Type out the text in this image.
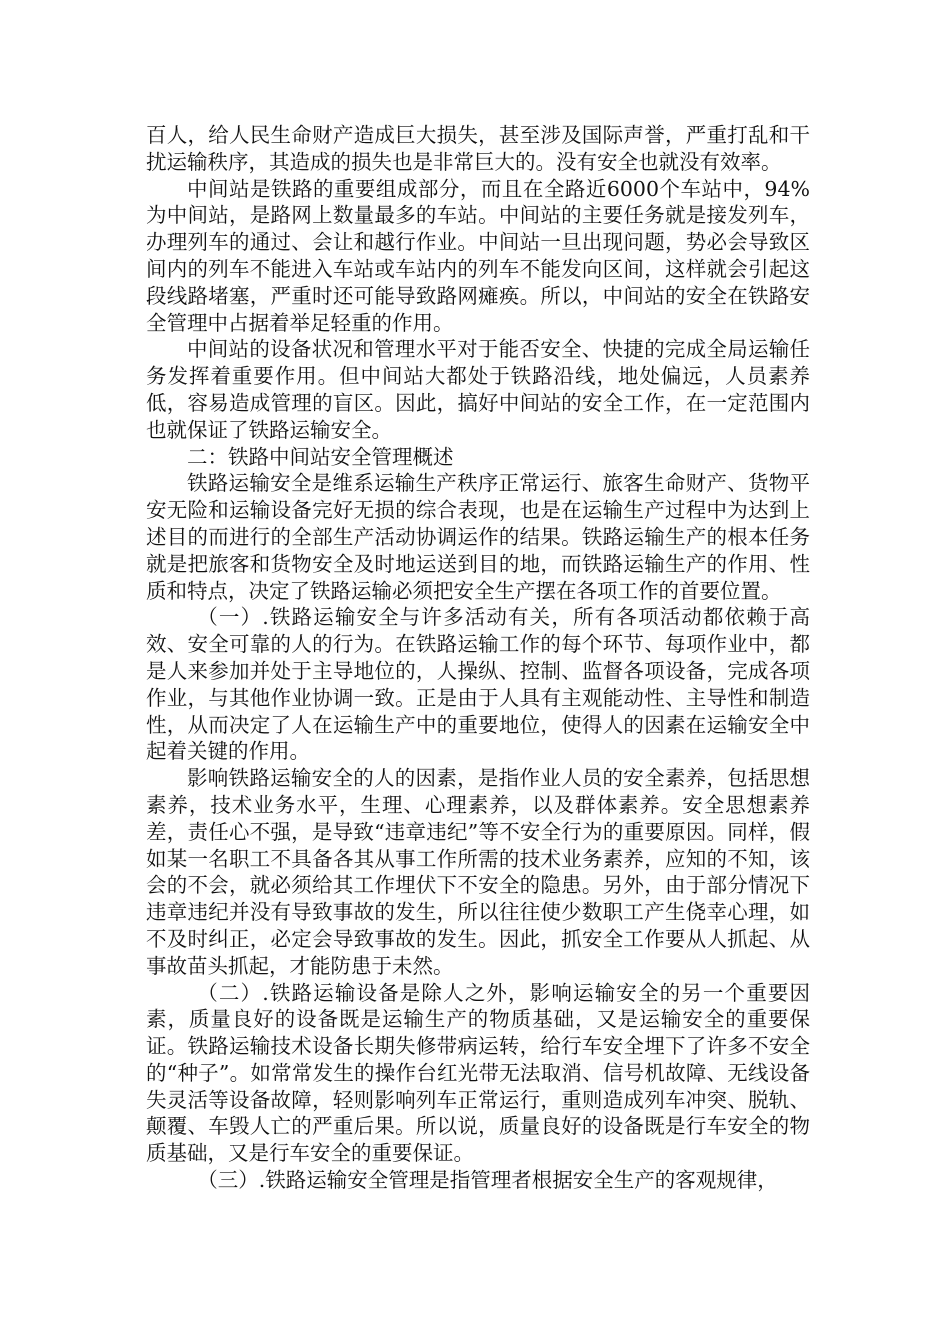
百人，给人民生命财产造成巨大损失，甚至涉及国际声誉，严重打乱和干扰运输秩序，其造成的损失也是非常巨大的。没有安全也就没有效率。

中间站是铁路的重要组成部分，而且在全路近6000个车站中，94%为中间站，是路网上数量最多的车站。中间站的主要任务就是接发列车，办理列车的通过、会让和越行作业。中间站一旦出现问题，势必会导致区间内的列车不能进入车站或车站内的列车不能发向区间，这样就会引起这段线路堵塞，严重时还可能导致路网瘫痪。所以，中间站的安全在铁路安全管理中占据着举足轻重的作用。

中间站的设备状况和管理水平对于能否安全、快捷的完成全局运输任务发挥着重要作用。但中间站大都处于铁路沿线，地处偏远，人员素养低，容易造成管理的盲区。因此，搞好中间站的安全工作，在一定范围内也就保证了铁路运输安全。

二：铁路中间站安全管理概述

铁路运输安全是维系运输生产秩序正常运行、旅客生命财产、货物平安无险和运输设备完好无损的综合表现，也是在运输生产过程中为达到上述目的而进行的全部生产活动协调运作的结果。铁路运输生产的根本任务就是把旅客和货物安全及时地运送到目的地，而铁路运输生产的作用、性质和特点，决定了铁路运输必须把安全生产摆在各项工作的首要位置。

（一）.铁路运输安全与许多活动有关，所有各项活动都依赖于高效、安全可靠的人的行为。在铁路运输工作的每个环节、每项作业中，都是人来参加并处于主导地位的，人操纵、控制、监督各项设备，完成各项作业，与其他作业协调一致。正是由于人具有主观能动性、主导性和制造性，从而决定了人在运输生产中的重要地位，使得人的因素在运输安全中起着关键的作用。

影响铁路运输安全的人的因素，是指作业人员的安全素养，包括思想素养，技术业务水平，生理、心理素养，以及群体素养。安全思想素养差，责任心不强，是导致“违章违纪”等不安全行为的重要原因。同样，假如某一名职工不具备各其从事工作所需的技术业务素养，应知的不知，该会的不会，就必须给其工作埋伏下不安全的隐患。另外，由于部分情况下违章违纪并没有导致事故的发生，所以往往使少数职工产生侥幸心理，如不及时纠正，必定会导致事故的发生。因此，抓安全工作要从人抓起、从事故苗头抓起，才能防患于未然。

（二）.铁路运输设备是除人之外，影响运输安全的另一个重要因素，质量良好的设备既是运输生产的物质基础，又是运输安全的重要保证。铁路运输技术设备长期失修带病运转，给行车安全埋下了许多不安全的“种子”。如常常发生的操作台红光带无法取消、信号机故障、无线设备失灵活等设备故障，轻则影响列车正常运行，重则造成列车冲突、脱轨、颠覆、车毁人亡的严重后果。所以说，质量良好的设备既是行车安全的物质基础，又是行车安全的重要保证。

（三）.铁路运输安全管理是指管理者根据安全生产的客观规律，
